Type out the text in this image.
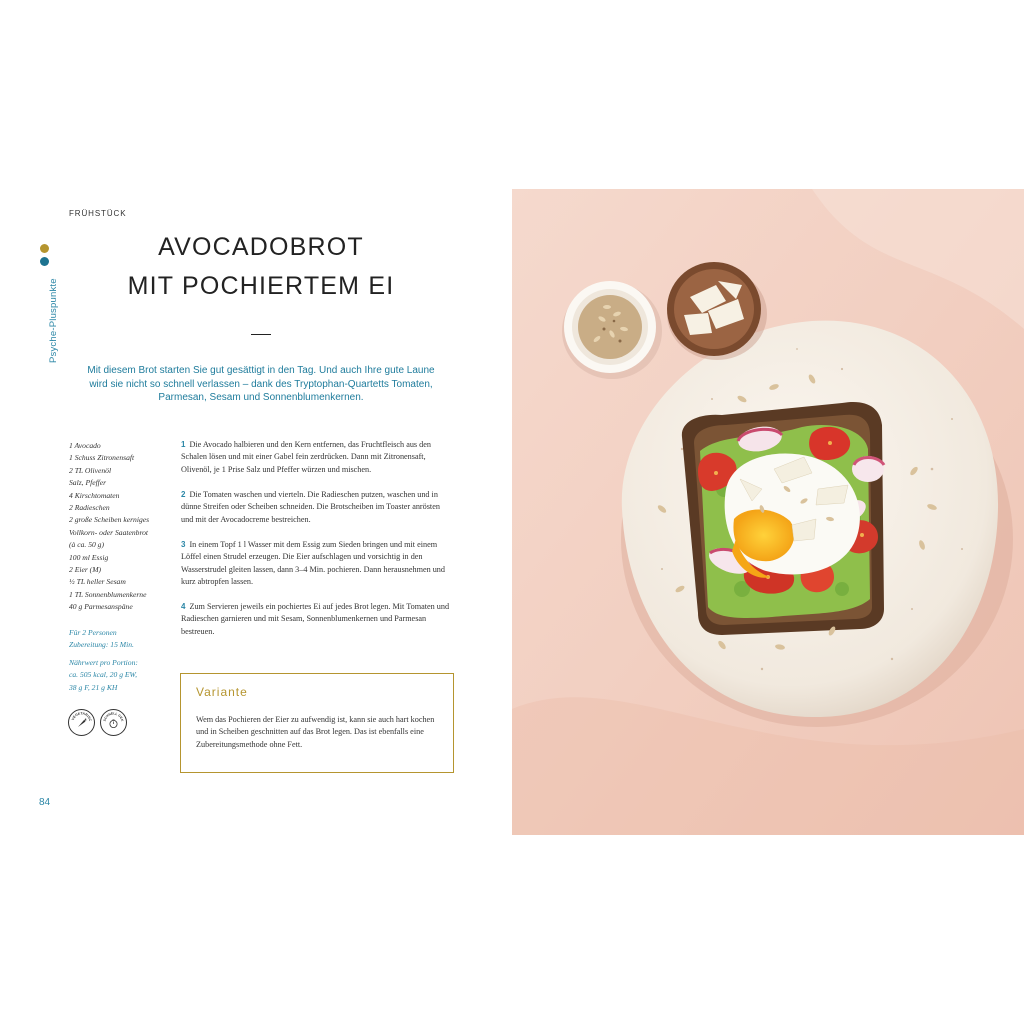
FRÜHSTÜCK
Psyche-Pluspunkte
AVOCADOBROT
MIT POCHIERTEM EI
Mit diesem Brot starten Sie gut gesättigt in den Tag. Und auch Ihre gute Laune wird sie nicht so schnell verlassen – dank des Tryptophan-Quartetts Tomaten, Parmesan, Sesam und Sonnenblumenkernen.
1 Avocado
1 Schuss Zitronensaft
2 TL Olivenöl
Salz, Pfeffer
4 Kirschtomaten
2 Radieschen
2 große Scheiben kerniges
Vollkorn- oder Saatenbrot
(à ca. 50 g)
100 ml Essig
2 Eier (M)
½ TL heller Sesam
1 TL Sonnenblumenkerne
40 g Parmesanspäne
Für 2 Personen
Zubereitung: 15 Min.
Nährwert pro Portion:
ca. 505 kcal, 20 g EW,
38 g F, 21 g KH
VEGETARISC	SCHNELL GEK
1 Die Avocado halbieren und den Kern entfernen, das Fruchtfleisch aus den Schalen lösen und mit einer Gabel fein zerdrücken. Dann mit Zitronensaft, Olivenöl, je 1 Prise Salz und Pfeffer würzen und mischen.
2 Die Tomaten waschen und vierteln. Die Radieschen putzen, waschen und in dünne Streifen oder Scheiben schneiden. Die Brotscheiben im Toaster anrösten und mit der Avocadocreme bestreichen.
3 In einem Topf 1 l Wasser mit dem Essig zum Sieden bringen und mit einem Löffel einen Strudel erzeugen. Die Eier aufschlagen und vorsichtig in den Wasserstrudel gleiten lassen, dann 3–4 Min. pochieren. Dann herausnehmen und kurz abtropfen lassen.
4 Zum Servieren jeweils ein pochiertes Ei auf jedes Brot legen. Mit Tomaten und Radieschen garnieren und mit Sesam, Sonnenblumenkernen und Parmesan bestreuen.
Variante
Wem das Pochieren der Eier zu aufwendig ist, kann sie auch hart kochen und in Scheiben geschnitten auf das Brot legen. Das ist ebenfalls eine Zubereitungsmethode ohne Fett.
84
